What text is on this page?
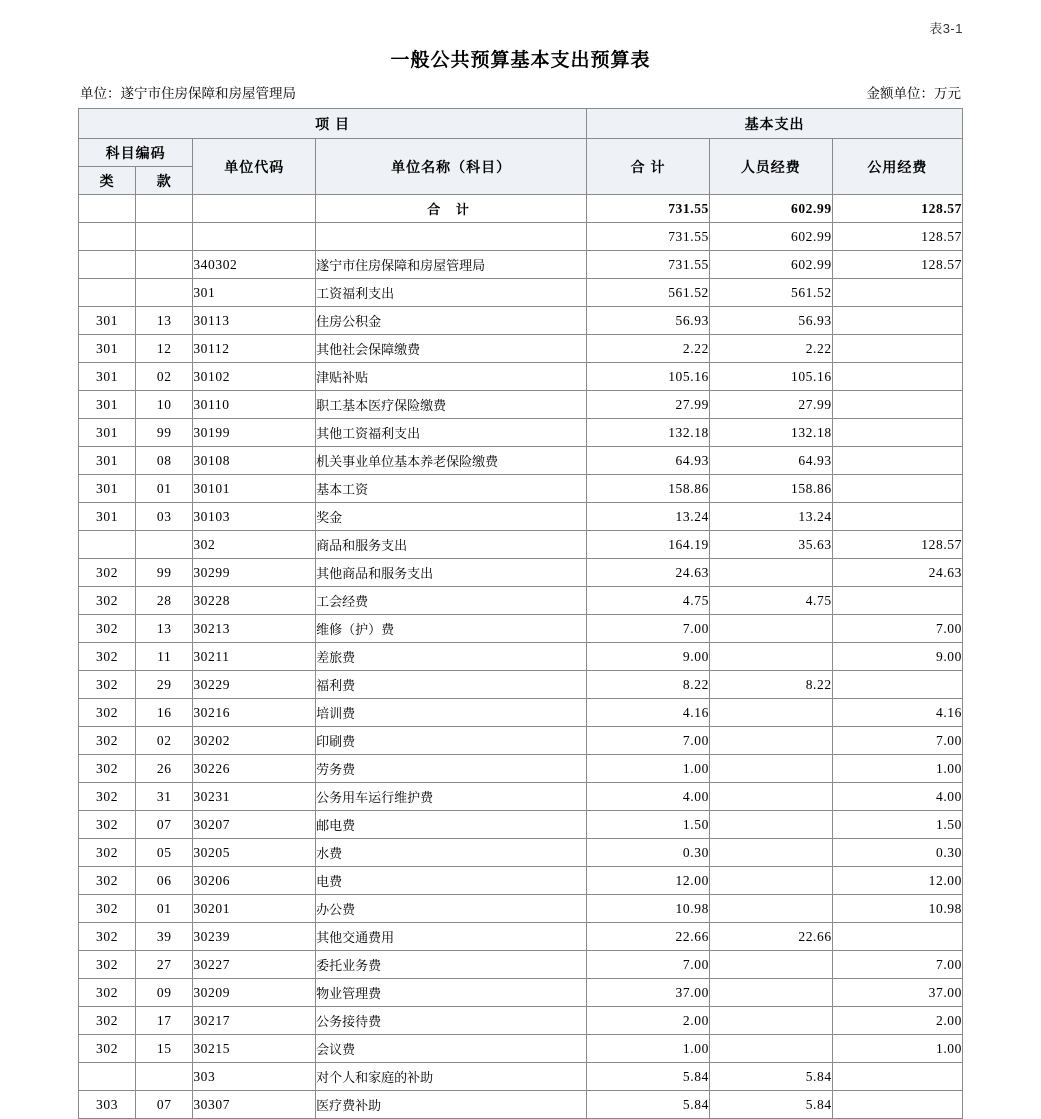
表3-1
一般公共预算基本支出预算表
单位：遂宁市住房保障和房屋管理局	金额单位：万元
项 目				基本支出		
科目编码		单位代码	单位名称（科目）	合 计	人员经费	公用经费
类	款					
			合 计	731.55	602.99	128.57
				731.55	602.99	128.57
		340302	遂宁市住房保障和房屋管理局	731.55	602.99	128.57
		301	工资福利支出	561.52	561.52	
301	13	30113	住房公积金	56.93	56.93	
301	12	30112	其他社会保障缴费	2.22	2.22	
301	02	30102	津贴补贴	105.16	105.16	
301	10	30110	职工基本医疗保险缴费	27.99	27.99	
301	99	30199	其他工资福利支出	132.18	132.18	
301	08	30108	机关事业单位基本养老保险缴费	64.93	64.93	
301	01	30101	基本工资	158.86	158.86	
301	03	30103	奖金	13.24	13.24	
		302	商品和服务支出	164.19	35.63	128.57
302	99	30299	其他商品和服务支出	24.63		24.63
302	28	30228	工会经费	4.75	4.75	
302	13	30213	维修（护）费	7.00		7.00
302	11	30211	差旅费	9.00		9.00
302	29	30229	福利费	8.22	8.22	
302	16	30216	培训费	4.16		4.16
302	02	30202	印刷费	7.00		7.00
302	26	30226	劳务费	1.00		1.00
302	31	30231	公务用车运行维护费	4.00		4.00
302	07	30207	邮电费	1.50		1.50
302	05	30205	水费	0.30		0.30
302	06	30206	电费	12.00		12.00
302	01	30201	办公费	10.98		10.98
302	39	30239	其他交通费用	22.66	22.66	
302	27	30227	委托业务费	7.00		7.00
302	09	30209	物业管理费	37.00		37.00
302	17	30217	公务接待费	2.00		2.00
302	15	30215	会议费	1.00		1.00
		303	对个人和家庭的补助	5.84	5.84	
303	07	30307	医疗费补助	5.84	5.84	
